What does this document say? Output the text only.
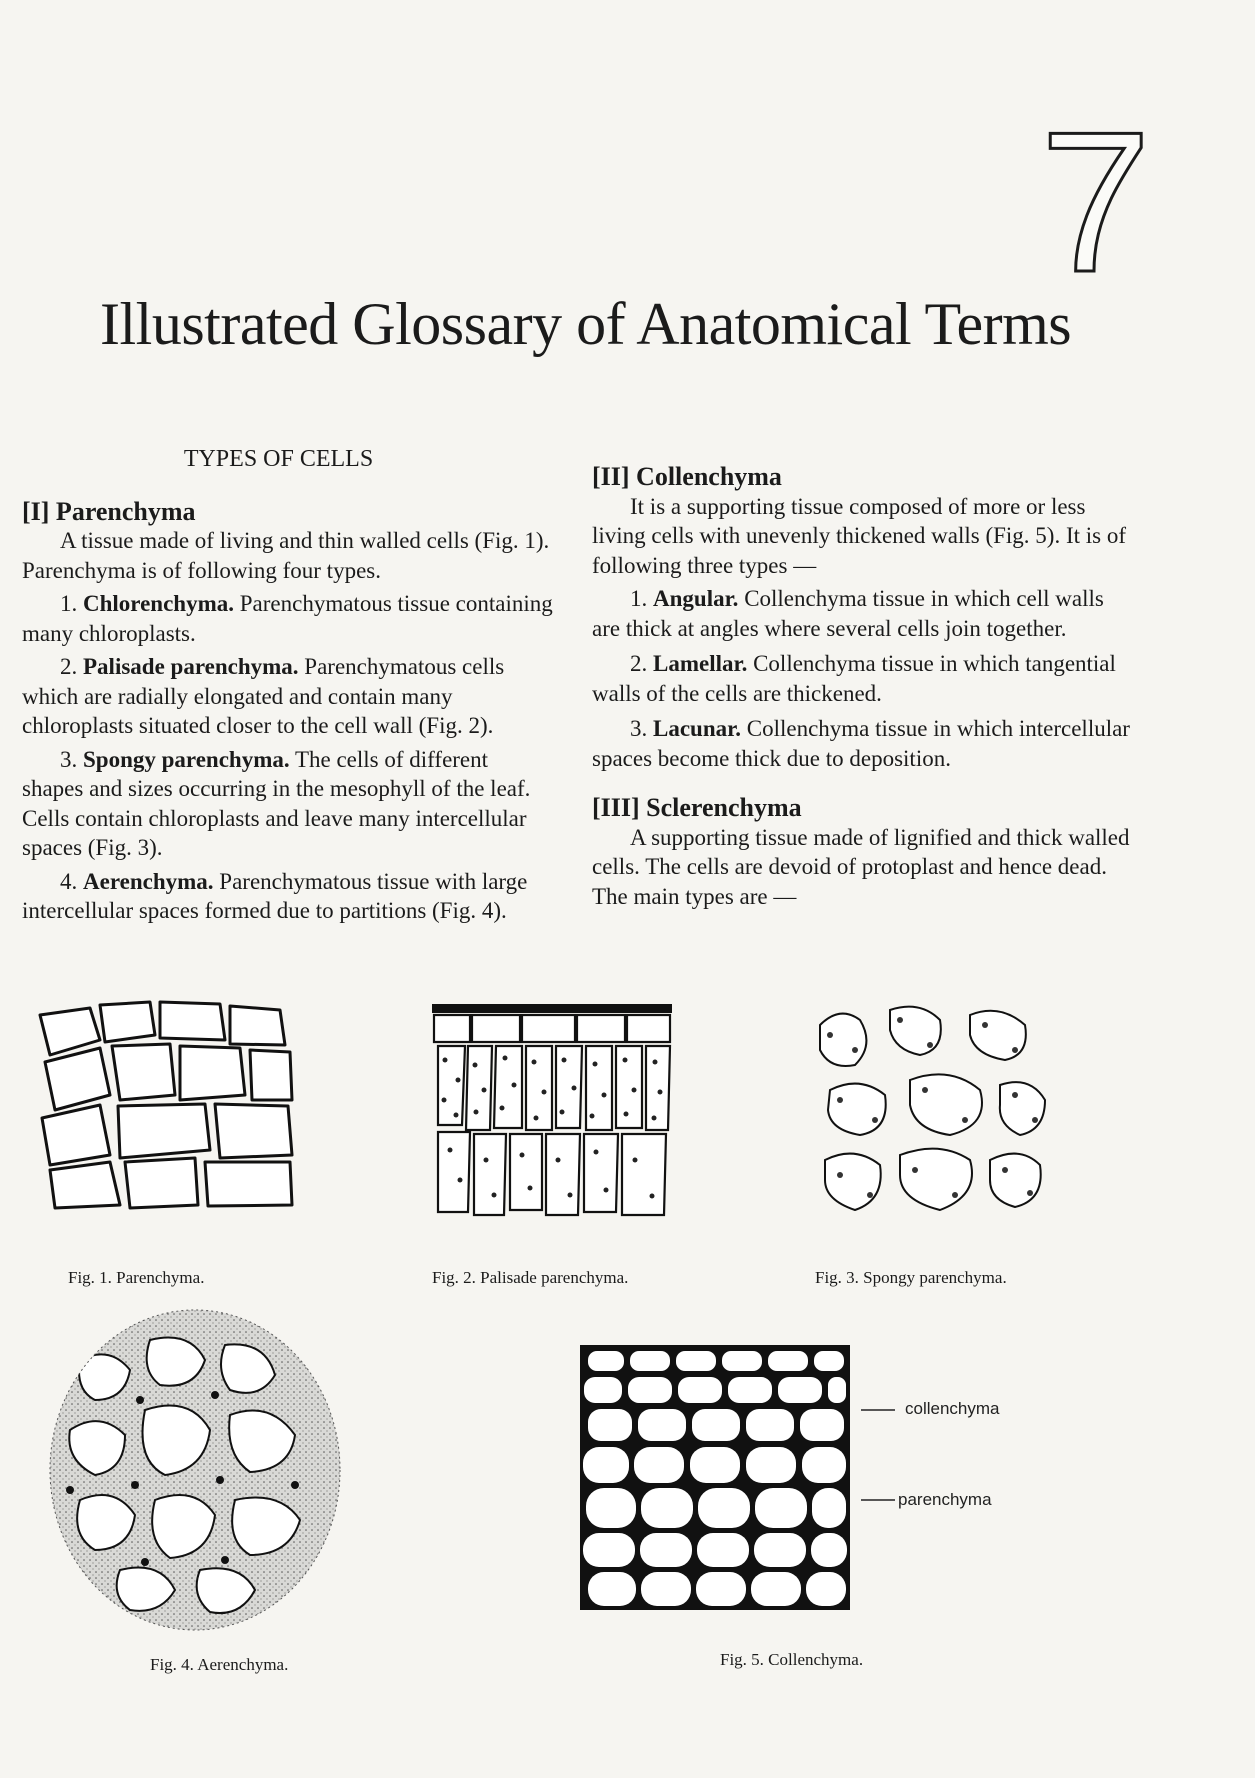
7
Illustrated Glossary of Anatomical Terms
TYPES OF CELLS

[I] Parenchyma

A tissue made of living and thin walled cells (Fig. 1). Parenchyma is of following four types.

1. Chlorenchyma. Parenchymatous tissue containing many chloroplasts.

2. Palisade parenchyma. Parenchymatous cells which are radially elongated and contain many chloroplasts situated closer to the cell wall (Fig. 2).

3. Spongy parenchyma. The cells of different shapes and sizes occurring in the mesophyll of the leaf. Cells contain chloroplasts and leave many intercellular spaces (Fig. 3).

4. Aerenchyma. Parenchymatous tissue with large intercellular spaces formed due to partitions (Fig. 4).

[II] Collenchyma

It is a supporting tissue composed of more or less living cells with unevenly thickened walls (Fig. 5). It is of following three types —

1. Angular. Collenchyma tissue in which cell walls are thick at angles where several cells join together.

2. Lamellar. Collenchyma tissue in which tangential walls of the cells are thickened.

3. Lacunar. Collenchyma tissue in which intercellular spaces become thick due to deposition.

[III] Sclerenchyma

A supporting tissue made of lignified and thick walled cells. The cells are devoid of protoplast and hence dead. The main types are —

collenchyma
parenchyma
Fig. 1. Parenchyma.	Fig. 2. Palisade parenchyma.	Fig. 3. Spongy parenchyma.
Fig. 4. Aerenchyma.	Fig. 5. Collenchyma.
